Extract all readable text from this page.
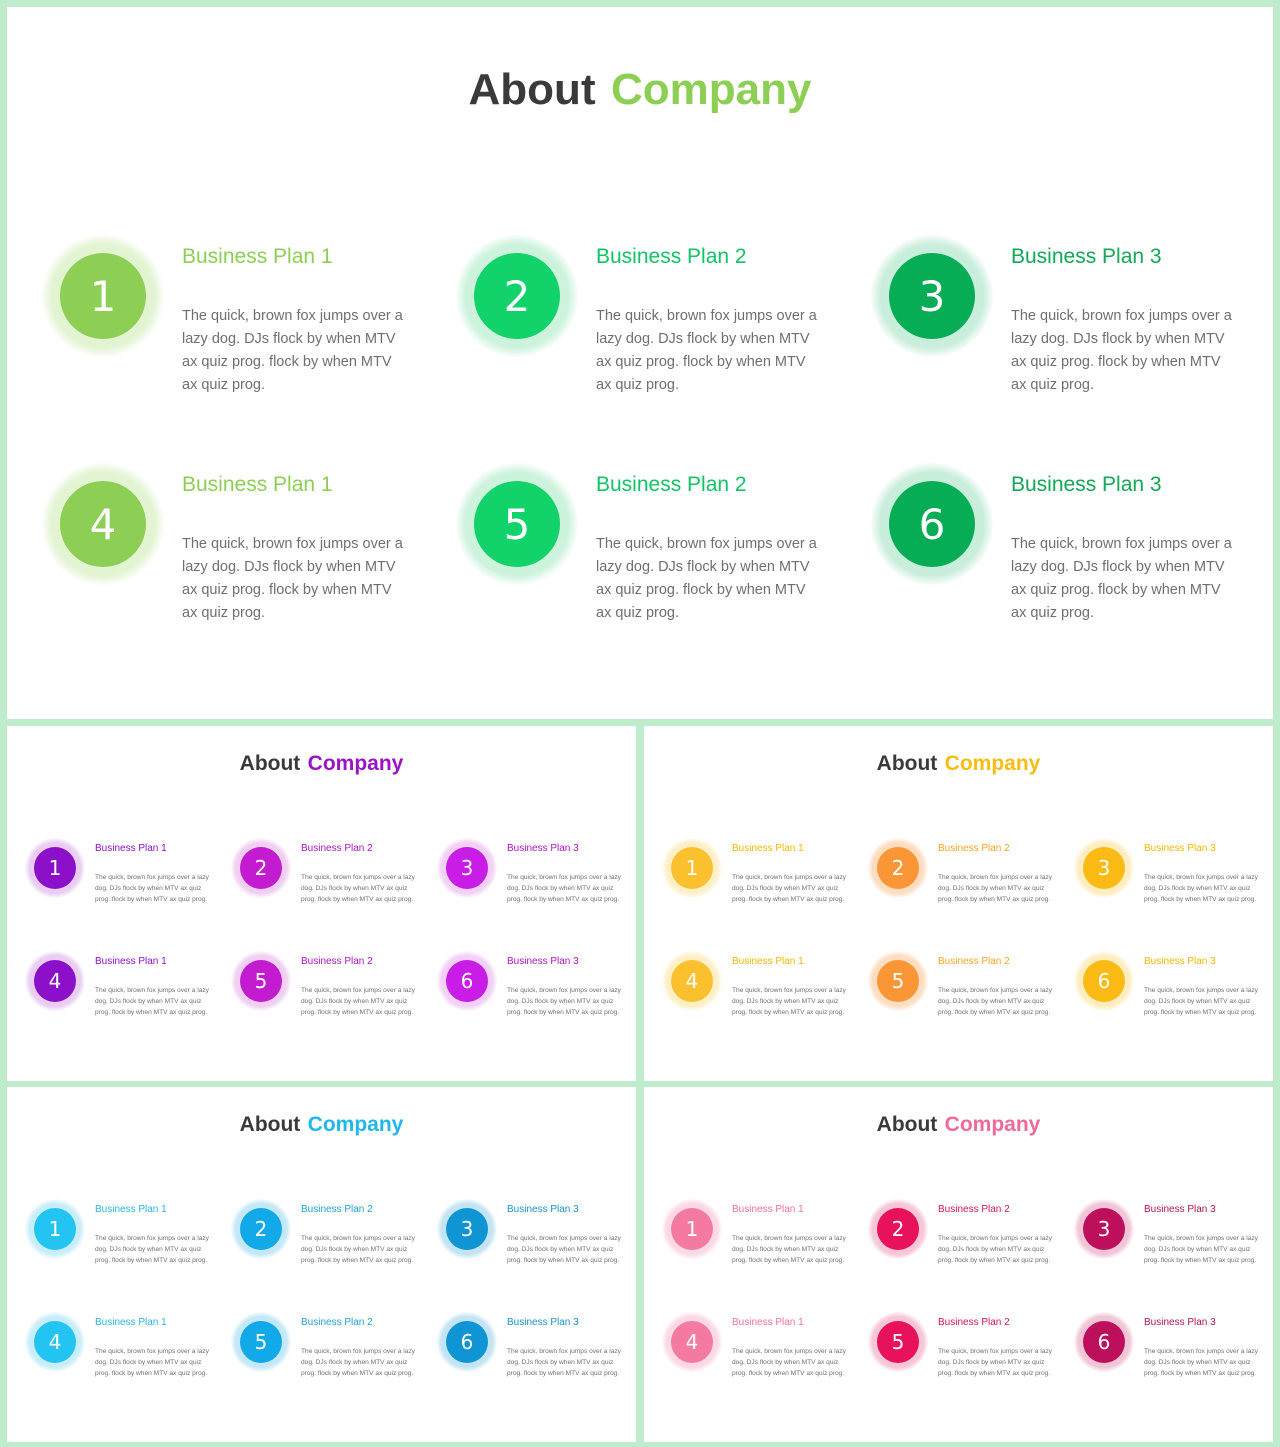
About Company
1
Business Plan 1
The quick, brown fox jumps over a lazy dog. DJs flock by when MTV ax quiz prog. flock by when MTV ax quiz prog.
2
Business Plan 2
The quick, brown fox jumps over a lazy dog. DJs flock by when MTV ax quiz prog. flock by when MTV ax quiz prog.
3
Business Plan 3
The quick, brown fox jumps over a lazy dog. DJs flock by when MTV ax quiz prog. flock by when MTV ax quiz prog.
4
Business Plan 1
The quick, brown fox jumps over a lazy dog. DJs flock by when MTV ax quiz prog. flock by when MTV ax quiz prog.
5
Business Plan 2
The quick, brown fox jumps over a lazy dog. DJs flock by when MTV ax quiz prog. flock by when MTV ax quiz prog.
6
Business Plan 3
The quick, brown fox jumps over a lazy dog. DJs flock by when MTV ax quiz prog. flock by when MTV ax quiz prog.
About Company
1
Business Plan 1
The quick, brown fox jumps over a lazy dog. DJs flock by when MTV ax quiz prog. flock by when MTV ax quiz prog.
2
Business Plan 2
The quick, brown fox jumps over a lazy dog. DJs flock by when MTV ax quiz prog. flock by when MTV ax quiz prog.
3
Business Plan 3
The quick, brown fox jumps over a lazy dog. DJs flock by when MTV ax quiz prog. flock by when MTV ax quiz prog.
4
Business Plan 1
The quick, brown fox jumps over a lazy dog. DJs flock by when MTV ax quiz prog. flock by when MTV ax quiz prog.
5
Business Plan 2
The quick, brown fox jumps over a lazy dog. DJs flock by when MTV ax quiz prog. flock by when MTV ax quiz prog.
6
Business Plan 3
The quick, brown fox jumps over a lazy dog. DJs flock by when MTV ax quiz prog. flock by when MTV ax quiz prog.
About Company
1
Business Plan 1
The quick, brown fox jumps over a lazy dog. DJs flock by when MTV ax quiz prog. flock by when MTV ax quiz prog.
2
Business Plan 2
The quick, brown fox jumps over a lazy dog. DJs flock by when MTV ax quiz prog. flock by when MTV ax quiz prog.
3
Business Plan 3
The quick, brown fox jumps over a lazy dog. DJs flock by when MTV ax quiz prog. flock by when MTV ax quiz prog.
4
Business Plan 1
The quick, brown fox jumps over a lazy dog. DJs flock by when MTV ax quiz prog. flock by when MTV ax quiz prog.
5
Business Plan 2
The quick, brown fox jumps over a lazy dog. DJs flock by when MTV ax quiz prog. flock by when MTV ax quiz prog.
6
Business Plan 3
The quick, brown fox jumps over a lazy dog. DJs flock by when MTV ax quiz prog. flock by when MTV ax quiz prog.
About Company
1
Business Plan 1
The quick, brown fox jumps over a lazy dog. DJs flock by when MTV ax quiz prog. flock by when MTV ax quiz prog.
2
Business Plan 2
The quick, brown fox jumps over a lazy dog. DJs flock by when MTV ax quiz prog. flock by when MTV ax quiz prog.
3
Business Plan 3
The quick, brown fox jumps over a lazy dog. DJs flock by when MTV ax quiz prog. flock by when MTV ax quiz prog.
4
Business Plan 1
The quick, brown fox jumps over a lazy dog. DJs flock by when MTV ax quiz prog. flock by when MTV ax quiz prog.
5
Business Plan 2
The quick, brown fox jumps over a lazy dog. DJs flock by when MTV ax quiz prog. flock by when MTV ax quiz prog.
6
Business Plan 3
The quick, brown fox jumps over a lazy dog. DJs flock by when MTV ax quiz prog. flock by when MTV ax quiz prog.
About Company
1
Business Plan 1
The quick, brown fox jumps over a lazy dog. DJs flock by when MTV ax quiz prog. flock by when MTV ax quiz prog.
2
Business Plan 2
The quick, brown fox jumps over a lazy dog. DJs flock by when MTV ax quiz prog. flock by when MTV ax quiz prog.
3
Business Plan 3
The quick, brown fox jumps over a lazy dog. DJs flock by when MTV ax quiz prog. flock by when MTV ax quiz prog.
4
Business Plan 1
The quick, brown fox jumps over a lazy dog. DJs flock by when MTV ax quiz prog. flock by when MTV ax quiz prog.
5
Business Plan 2
The quick, brown fox jumps over a lazy dog. DJs flock by when MTV ax quiz prog. flock by when MTV ax quiz prog.
6
Business Plan 3
The quick, brown fox jumps over a lazy dog. DJs flock by when MTV ax quiz prog. flock by when MTV ax quiz prog.
